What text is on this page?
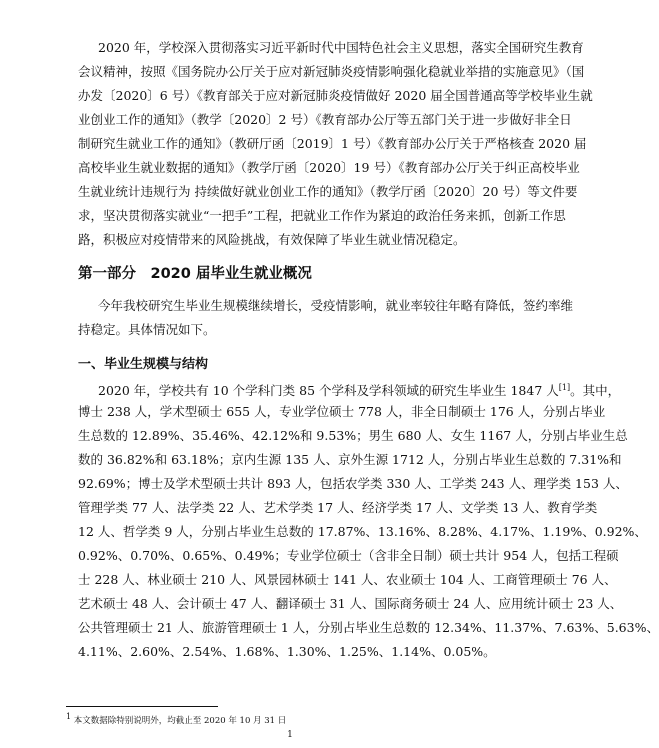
2020 年，学校深入贯彻落实习近平新时代中国特色社会主义思想，落实全国研究生教育
会议精神，按照《国务院办公厅关于应对新冠肺炎疫情影响强化稳就业举措的实施意见》（国
办发〔2020〕6 号）《教育部关于应对新冠肺炎疫情做好 2020 届全国普通高等学校毕业生就
业创业工作的通知》（教学〔2020〕2 号）《教育部办公厅等五部门关于进一步做好非全日
制研究生就业工作的通知》（教研厅函〔2019〕1 号）《教育部办公厅关于严格核查 2020 届
高校毕业生就业数据的通知》（教学厅函〔2020〕19 号）《教育部办公厅关于纠正高校毕业
生就业统计违规行为 持续做好就业创业工作的通知》（教学厅函〔2020〕20 号）等文件要
求，坚决贯彻落实就业“一把手”工程，把就业工作作为紧迫的政治任务来抓，创新工作思
路，积极应对疫情带来的风险挑战，有效保障了毕业生就业情况稳定。
第一部分　2020 届毕业生就业概况
今年我校研究生毕业生规模继续增长，受疫情影响，就业率较往年略有降低，签约率维
持稳定。具体情况如下。
一、毕业生规模与结构
2020 年，学校共有 10 个学科门类 85 个学科及学科领域的研究生毕业生 1847 人[1]。其中，
博士 238 人，学术型硕士 655 人，专业学位硕士 778 人，非全日制硕士 176 人，分别占毕业
生总数的 12.89%、35.46%、42.12%和 9.53%；男生 680 人、女生 1167 人，分别占毕业生总
数的 36.82%和 63.18%；京内生源 135 人、京外生源 1712 人，分别占毕业生总数的 7.31%和
92.69%；博士及学术型硕士共计 893 人，包括农学类 330 人、工学类 243 人、理学类 153 人、
管理学类 77 人、法学类 22 人、艺术学类 17 人、经济学类 17 人、文学类 13 人、教育学类
12 人、哲学类 9 人，分别占毕业生总数的 17.87%、13.16%、8.28%、4.17%、1.19%、0.92%、
0.92%、0.70%、0.65%、0.49%；专业学位硕士（含非全日制）硕士共计 954 人，包括工程硕
士 228 人、林业硕士 210 人、风景园林硕士 141 人、农业硕士 104 人、工商管理硕士 76 人、
艺术硕士 48 人、会计硕士 47 人、翻译硕士 31 人、国际商务硕士 24 人、应用统计硕士 23 人、
公共管理硕士 21 人、旅游管理硕士 1 人，分别占毕业生总数的 12.34%、11.37%、7.63%、5.63%、
4.11%、2.60%、2.54%、1.68%、1.30%、1.25%、1.14%、0.05%。
1 本文数据除特别说明外，均截止至 2020 年 10 月 31 日
1
